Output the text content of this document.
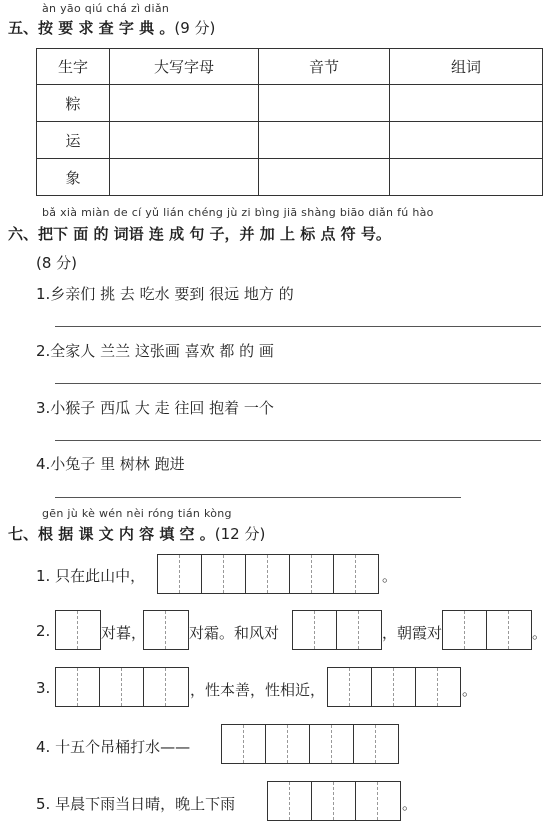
àn yāo qiú chá zì diǎn
五、按 要 求 查 字 典 。(9 分)
生字	大写字母	音节	组词
粽			
运			
象			
bǎ xià miàn de cí yǔ lián chéng jù zi bìng jiā shàng biāo diǎn fú hào
六、把下 面 的 词语 连 成 句 子，并 加 上 标 点 符 号。
(8 分)
1.乡亲们 挑 去 吃水 要到 很远 地方 的
2.全家人 兰兰 这张画 喜欢 都 的 画
3.小猴子 西瓜 大 走 往回 抱着 一个
4.小兔子 里 树林 跑进
gēn jù kè wén nèi róng tián kòng
七、根 据 课 文 内 容 填 空 。(12 分)
1. 只在此山中，	。
2.	对暮，	对霜。和风对	，朝霞对	。
3.	，性本善，性相近，	。
4. 十五个吊桶打水——
5. 早晨下雨当日晴，晚上下雨	。
